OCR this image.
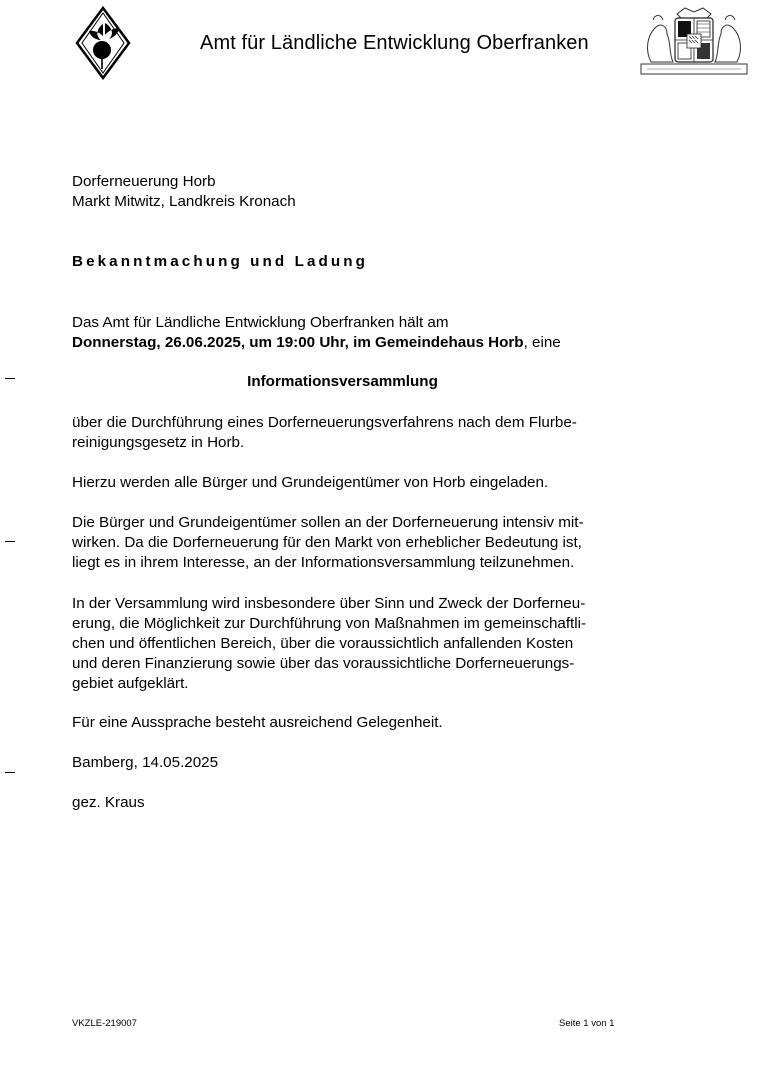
Amt für Ländliche Entwicklung Oberfranken
Dorferneuerung Horb
Markt Mitwitz, Landkreis Kronach
Bekanntmachung und Ladung
Das Amt für Ländliche Entwicklung Oberfranken hält am
Donnerstag, 26.06.2025, um 19:00 Uhr, im Gemeindehaus Horb, eine
Informationsversammlung
über die Durchführung eines Dorferneuerungsverfahrens nach dem Flurbe-
reinigungsgesetz in Horb.
Hierzu werden alle Bürger und Grundeigentümer von Horb eingeladen.
Die Bürger und Grundeigentümer sollen an der Dorferneuerung intensiv mit-
wirken. Da die Dorferneuerung für den Markt von erheblicher Bedeutung ist,
liegt es in ihrem Interesse, an der Informationsversammlung teilzunehmen.
In der Versammlung wird insbesondere über Sinn und Zweck der Dorferneu-
erung, die Möglichkeit zur Durchführung von Maßnahmen im gemeinschaftli-
chen und öffentlichen Bereich, über die voraussichtlich anfallenden Kosten
und deren Finanzierung sowie über das voraussichtliche Dorferneuerungs-
gebiet aufgeklärt.
Für eine Aussprache besteht ausreichend Gelegenheit.
Bamberg, 14.05.2025
gez. Kraus
VKZLE-219007	Seite 1 von 1
